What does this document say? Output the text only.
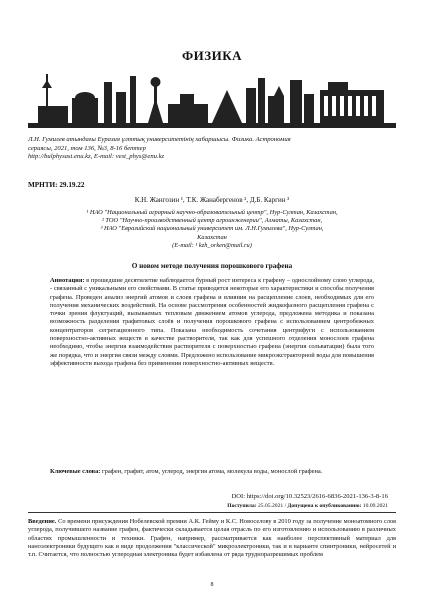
ФИЗИКА
Л.Н. Гумилев атындағы Еуразия ұлттық университетінің хабаршысы. Физика. Астрономия
сериясы, 2021, том 136, №3, 8-16 беттер
http://bulphysast.enu.kz, E-mail: vest_phys@enu.kz
МРНТИ: 29.19.22
К.Н. Жангозин ¹, Т.К. Жанабергенов ², Д.Б. Каргин ³
¹ НАО "Национальный аграрный научно-образовательный центр", Нур-Султан, Казахстан,
² ТОО "Научно-производственный центр агроинженерии", Алматы, Казахстан,
³ НАО "Евразийский национальный университет им. Л.Н.Гумилева", Нур-Султан,
Казахстан
(E-mail: ¹ kzh_orken@mail.ru)
О новом методе получения порошкового графена
Аннотация: в прошедшие десятилетие наблюдается бурный рост интереса к графену – однослойному слою углерода, - связанный с уникальными его свойствами. В статье приводятся некоторые его характеристики и способы получения графена. Проведен анализ энергий атомов и слоев графена и влияния на расщепление слоев, необходимых для его получения механических воздействий. На основе рассмотрения особенностей жидкофазного расщепления графена с точки зрения флуктуаций, вызываемых тепловым движением атомов углерода, предложена методика и показана возможность разделения графитовых слоёв и получения порошкового графена с использованием центробежных концентраторов сегрегационного типа. Показана необходимость сочетания центрифуги с использованием поверхностно-активных веществ в качестве растворителя, так как для успешного отделения монослоев графена необходимо, чтобы энергия взаимодействия растворителя с поверхностью графена (энергия сольватации) была того же порядка, что и энергия связи между слоями. Предложено использование микроэкстракторной воды для повышения эффективности выхода графена без применения поверхностно-активных веществ.
Ключевые слова: графен, графит, атом, углерод, энергия атома, молекула воды, монослой графена.
DOI: https://doi.org/10.32523/2616-6836-2021-136-3-8-16
Поступила: 25.05.2021 / Допущена к опубликованию: 10.09.2021
Введение. Со времени присуждения Нобелевской премии А.К. Гейму и К.С. Новоселову в 2010 году за получение моноатомного слоя углерода, получившего название графен, фактически складывается целая отрасль по его изготовлению и использованию в различных областях промышленности и техники. Графен, например, рассматривается как наиболее перспективный материал для наноэлектроники будущего как в виде продолжения "классической" микроэлектроники, так и в варианте спинтроники, нейросетей и т.п. Считается, что полностью углеродная электроника будет избавлена от ряда трудноразрешимых проблем
8
